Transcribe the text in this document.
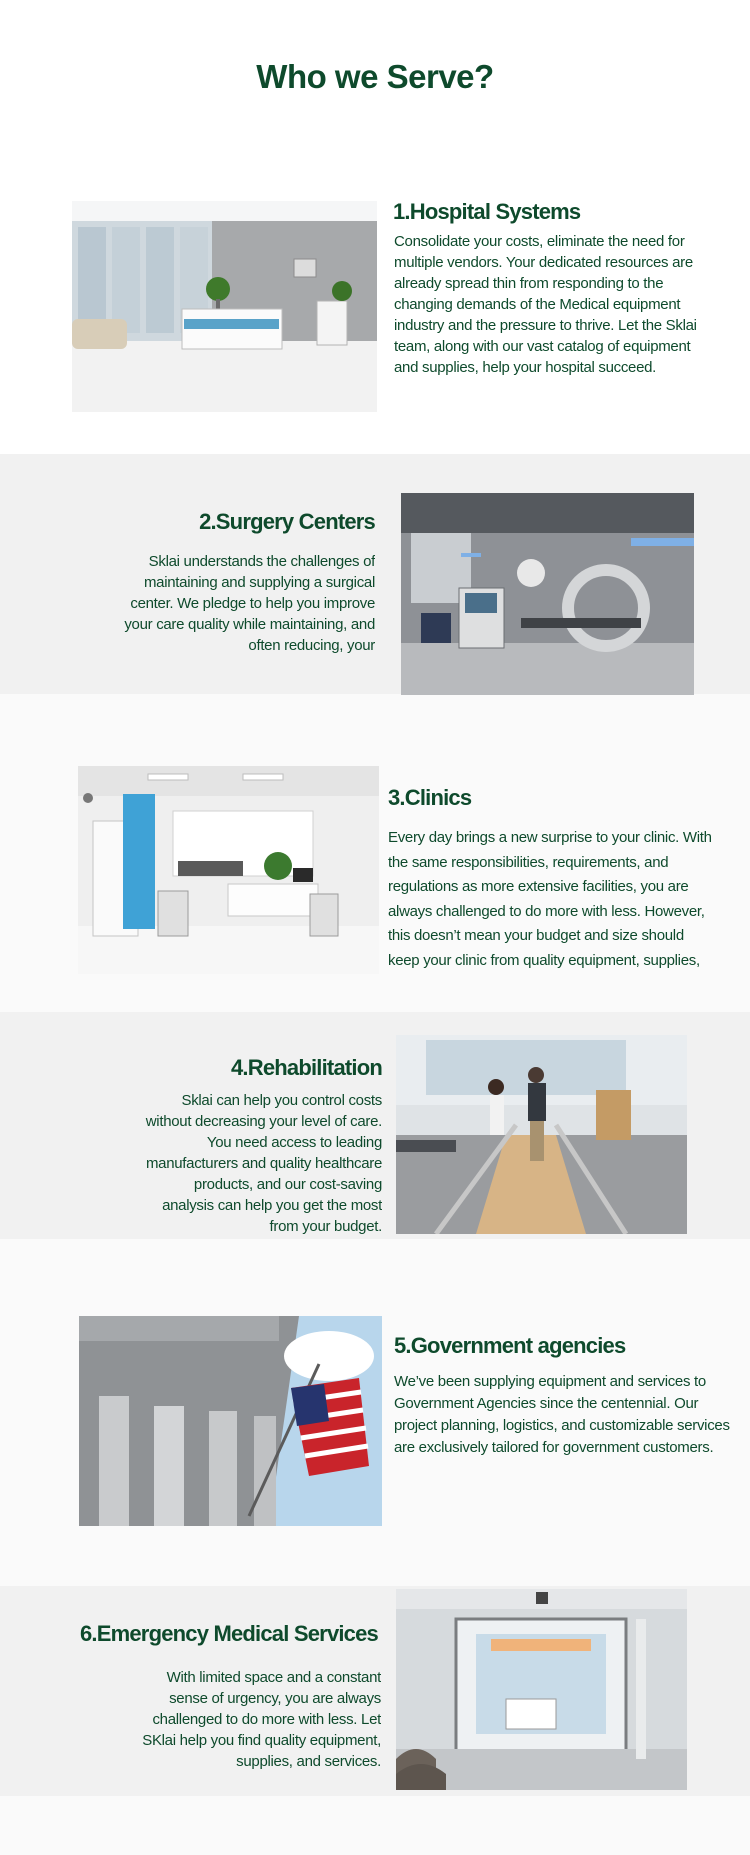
Who we Serve?
1.Hospital Systems
Consolidate your costs, eliminate the need for multiple vendors. Your dedicated resources are already spread thin from responding to the changing demands of the Medical equipment industry and the pressure to thrive. Let the Sklai team, along with our vast catalog of equipment and supplies, help your hospital succeed.
2.Surgery Centers
Sklai understands the challenges of maintaining and supplying a surgical center. We pledge to help you improve your care quality while maintaining, and often reducing, your
3.Clinics
Every day brings a new surprise to your clinic. With the same responsibilities, requirements, and regulations as more extensive facilities, you are always challenged to do more with less. However, this doesn’t mean your budget and size should keep your clinic from quality equipment, supplies,
4.Rehabilitation
Sklai can help you control costs without decreasing your level of care. You need access to leading manufacturers and quality healthcare products, and our cost-saving analysis can help you get the most from your budget.
5.Government agencies
We’ve been supplying equipment and services to Government Agencies since the centennial. Our project planning, logistics, and customizable services are exclusively tailored for government customers.
6.Emergency Medical Services
With limited space and a constant sense of urgency, you are always challenged to do more with less. Let SKlai help you find quality equipment, supplies, and services.
